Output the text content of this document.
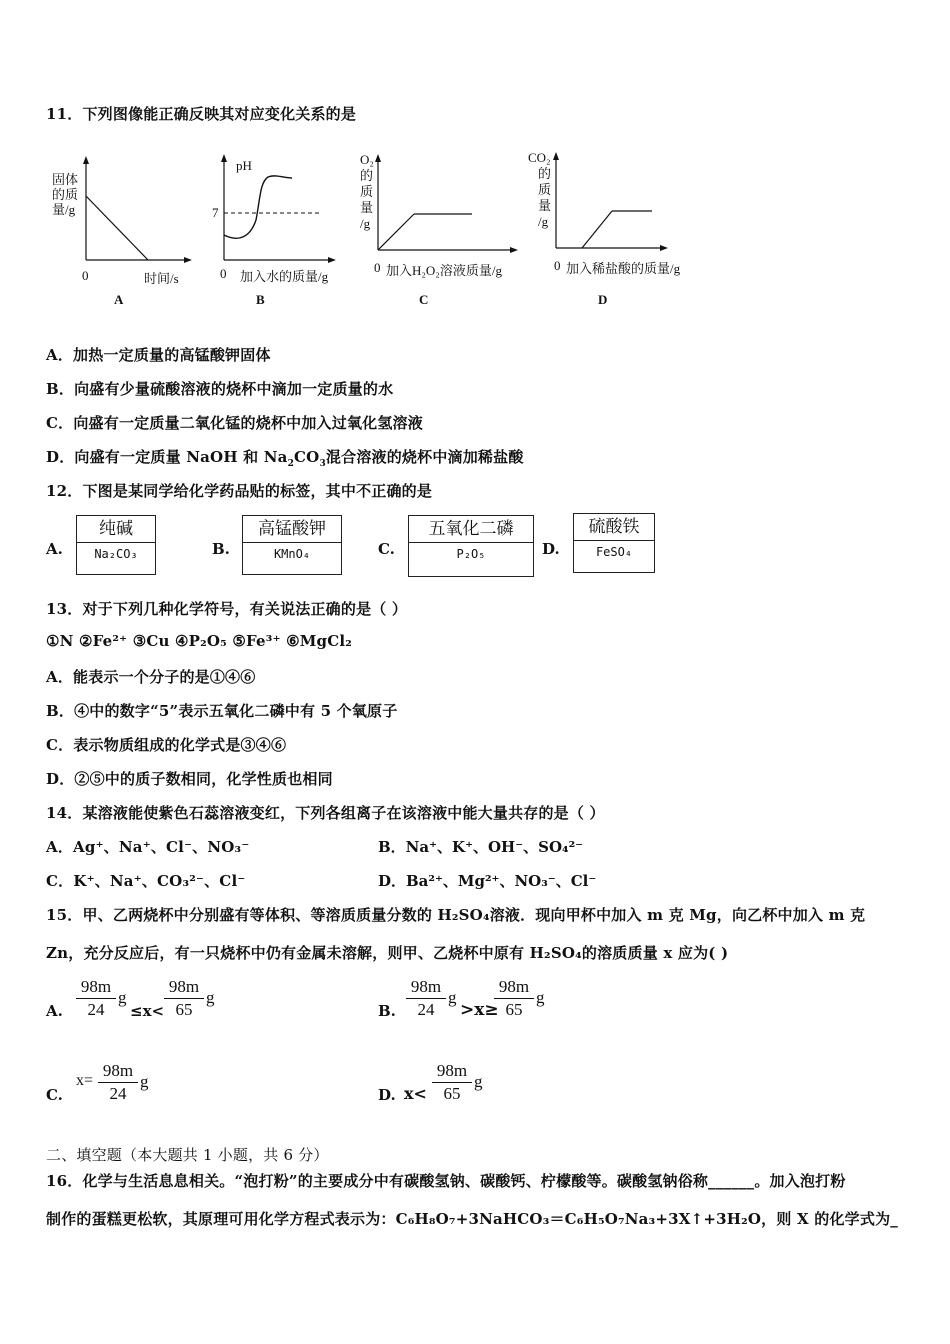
11．下列图像能正确反映其对应变化关系的是
固体
的质
量/g
0	时间/s
A
pH
7
0 加入水的质量/g
B
O₂
的
质
量
/g
0 加入H₂O₂溶液质量/g
C
CO₂
的
质
量
/g
0 加入稀盐酸的质量/g
D
A．加热一定质量的高锰酸钾固体
B．向盛有少量硫酸溶液的烧杯中滴加一定质量的水
C．向盛有一定质量二氧化锰的烧杯中加入过氧化氢溶液
D．向盛有一定质量 NaOH 和 $Na_2CO_3$混合溶液的烧杯中滴加稀盐酸
12．下图是某同学给化学药品贴的标签，其中不正确的是
A.
纯碱
Na₂CO₃	B.
高锰酸钾
KMnO₄	C.
五氧化二磷
P₂O₅	D.
硫酸铁
FeSO₄
13．对于下列几种化学符号，有关说法正确的是（ ）
①N ②Fe²⁺ ③Cu ④P₂O₅ ⑤Fe³⁺ ⑥MgCl₂
A．能表示一个分子的是①④⑥
B．④中的数字“5”表示五氧化二磷中有 5 个氧原子
C．表示物质组成的化学式是③④⑥
D．②⑤中的质子数相同，化学性质也相同
14．某溶液能使紫色石蕊溶液变红，下列各组离子在该溶液中能大量共存的是（ ）
A．Ag⁺、Na⁺、Cl⁻、NO₃⁻	B．Na⁺、K⁺、OH⁻、SO₄²⁻
C．K⁺、Na⁺、CO₃²⁻、Cl⁻	D．Ba²⁺、Mg²⁺、NO₃⁻、Cl⁻
15．甲、乙两烧杯中分别盛有等体积、等溶质质量分数的 H₂SO₄溶液．现向甲杯中加入 m 克 Mg，向乙杯中加入 m 克
Zn，充分反应后，有一只烧杯中仍有金属未溶解，则甲、乙烧杯中原有 H₂SO₄的溶质质量 x 应为( )
A. $\frac{98m}{24}$ g
$\le x< \frac{98m}{65}$ g
B. $\frac{98m}{24}$ g
>x≥
$\frac{98m}{65}$ g
C.
$x= \frac{98m}{24}$ g
D. $x< \frac{98m}{65}$ g
二、填空题（本大题共 1 小题，共 6 分）
16．化学与生活息息相关。“泡打粉”的主要成分中有碳酸氢钠、碳酸钙、柠檬酸等。碳酸氢钠俗称______。加入泡打粉
制作的蛋糕更松软，其原理可用化学方程式表示为：C₆H₈O₇+3NaHCO₃＝C₆H₅O₇Na₃+3X↑+3H₂O，则 X 的化学式为_
